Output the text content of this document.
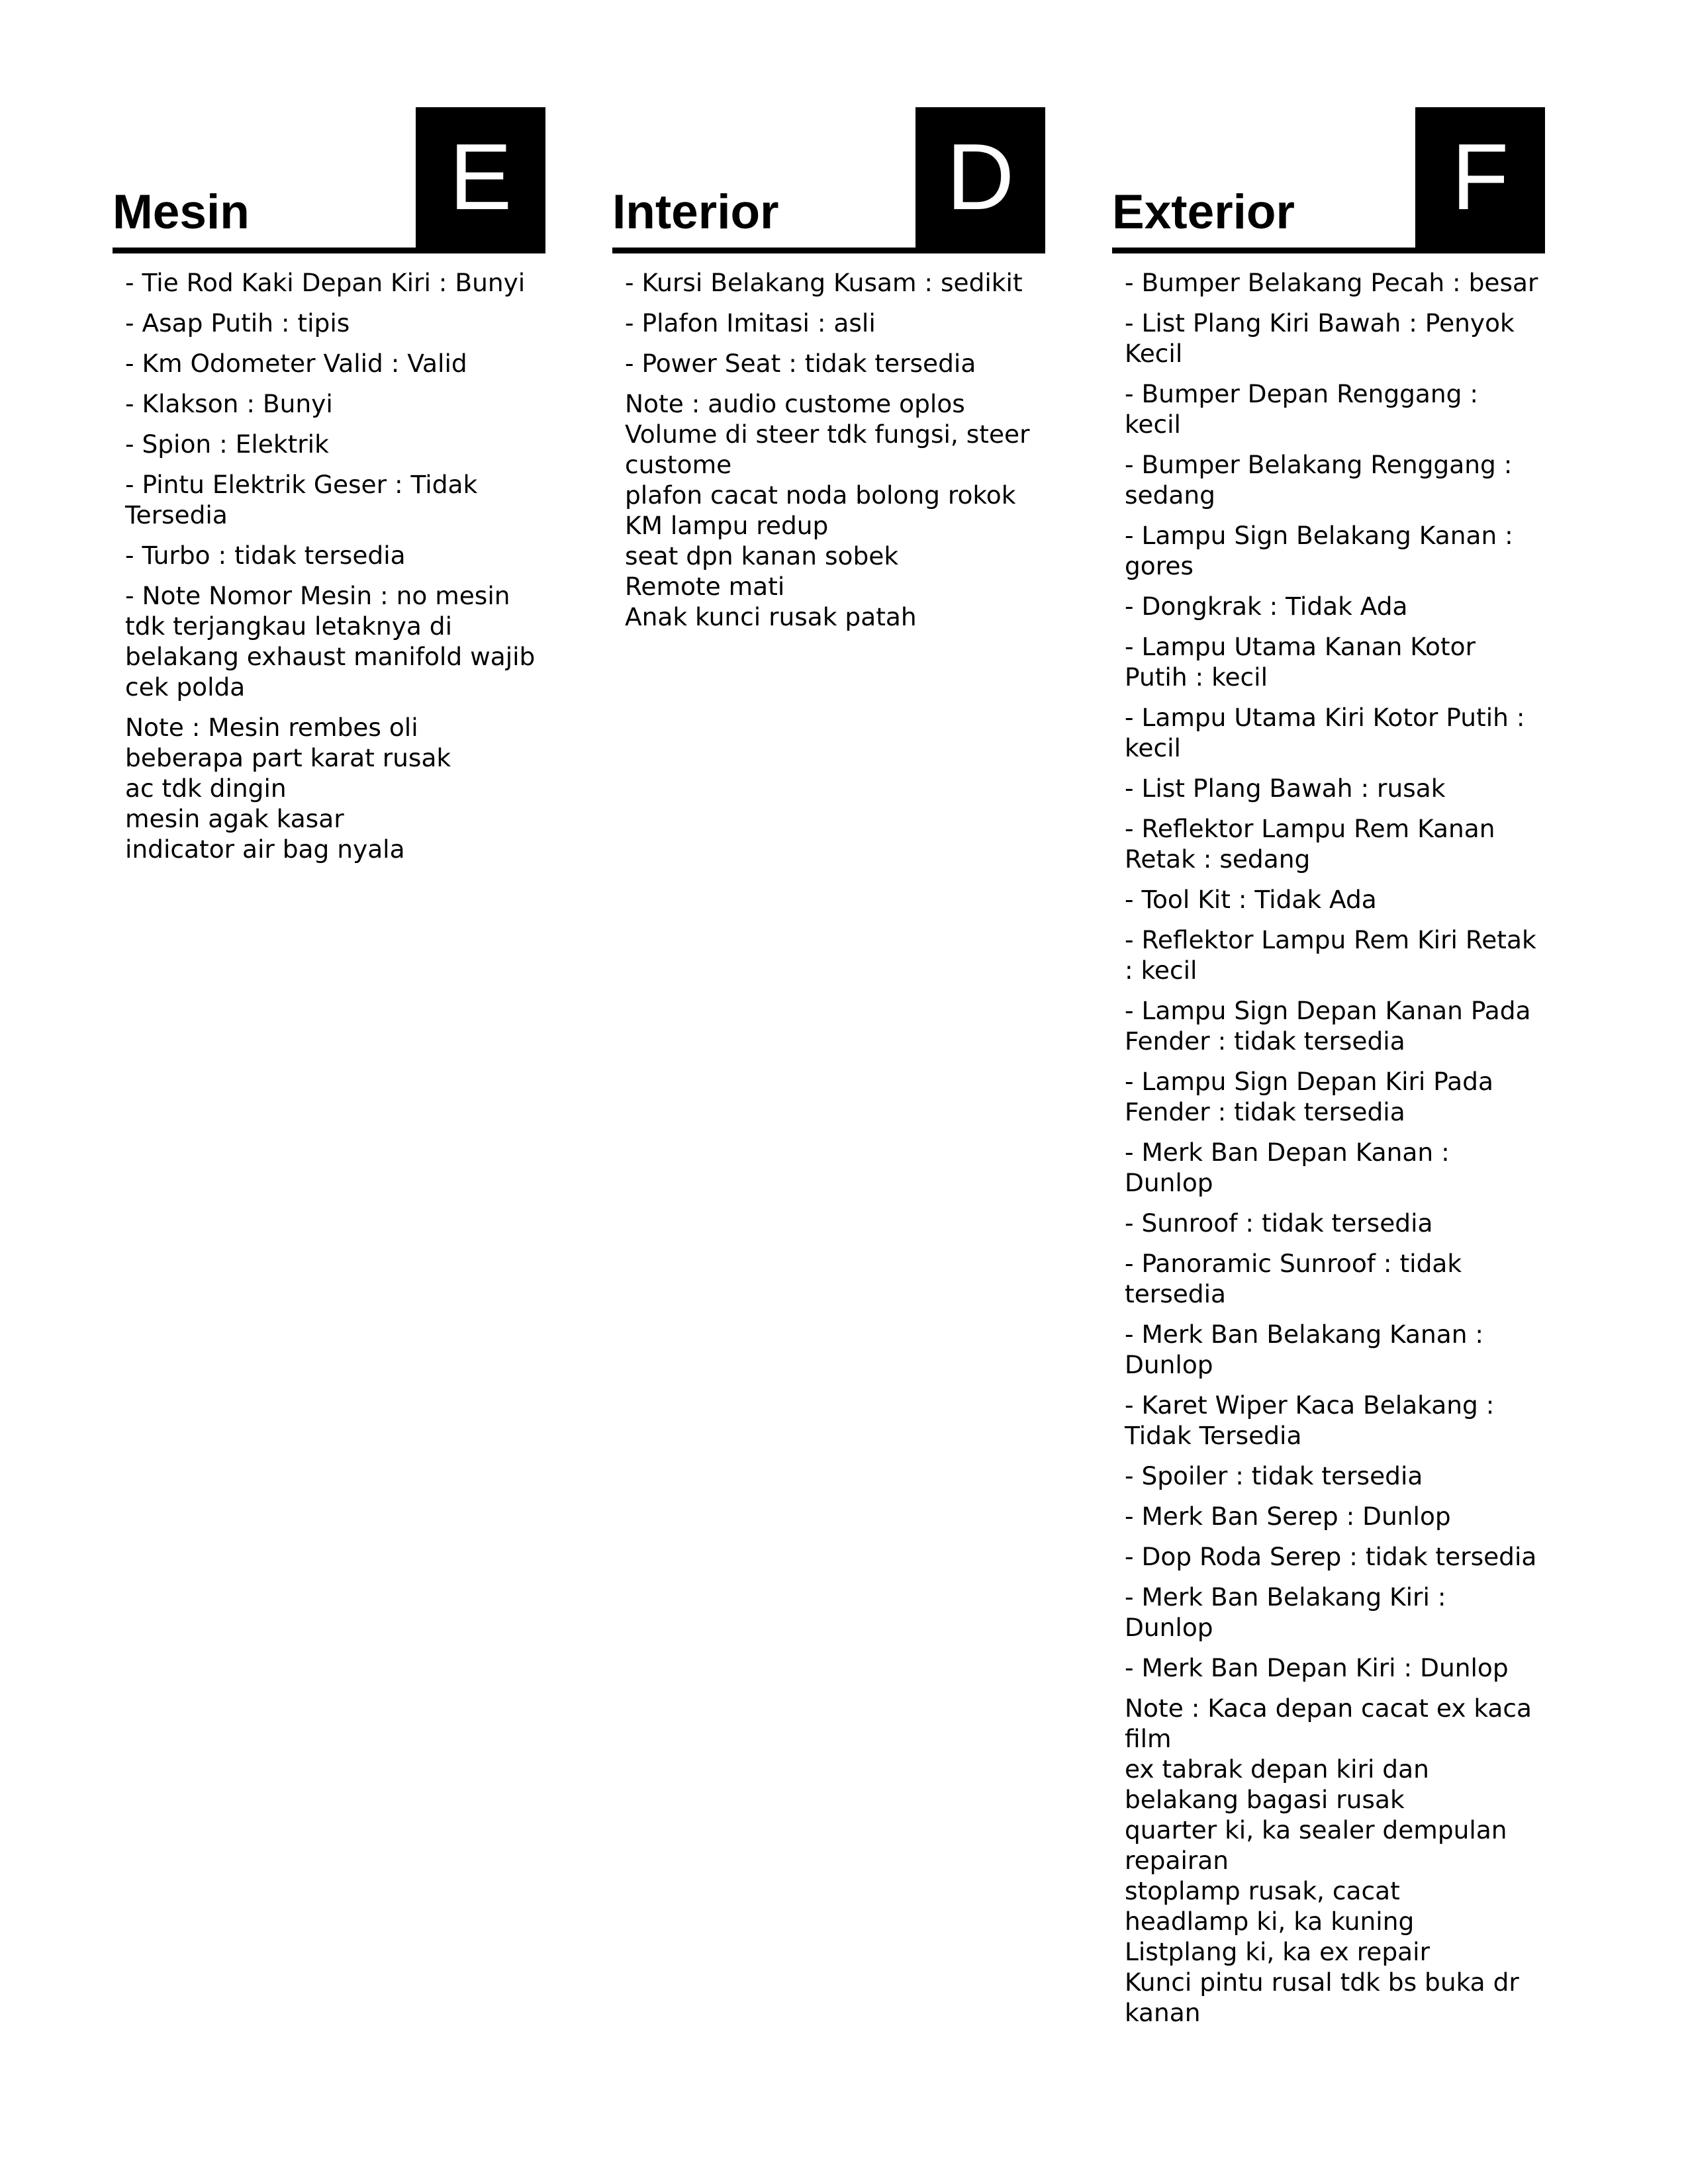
Mesin	E
- Tie Rod Kaki Depan Kiri : Bunyi
- Asap Putih : tipis
- Km Odometer Valid : Valid
- Klakson : Bunyi
- Spion : Elektrik
- Pintu Elektrik Geser : Tidak Tersedia
- Turbo : tidak tersedia
- Note Nomor Mesin : no mesin tdk terjangkau letaknya di belakang exhaust manifold wajib cek polda
Note : Mesin rembes oli
beberapa part karat rusak
ac tdk dingin
mesin agak kasar
indicator air bag nyala
Interior	D
- Kursi Belakang Kusam : sedikit
- Plafon Imitasi : asli
- Power Seat : tidak tersedia
Note : audio custome oplos
Volume di steer tdk fungsi, steer custome
plafon cacat noda bolong rokok
KM lampu redup
seat dpn kanan sobek
Remote mati
Anak kunci rusak patah
Exterior	F
- Bumper Belakang Pecah : besar
- List Plang Kiri Bawah : Penyok Kecil
- Bumper Depan Renggang : kecil
- Bumper Belakang Renggang : sedang
- Lampu Sign Belakang Kanan : gores
- Dongkrak : Tidak Ada
- Lampu Utama Kanan Kotor Putih : kecil
- Lampu Utama Kiri Kotor Putih : kecil
- List Plang Bawah : rusak
- Reflektor Lampu Rem Kanan Retak : sedang
- Tool Kit : Tidak Ada
- Reflektor Lampu Rem Kiri Retak : kecil
- Lampu Sign Depan Kanan Pada Fender : tidak tersedia
- Lampu Sign Depan Kiri Pada Fender : tidak tersedia
- Merk Ban Depan Kanan : Dunlop
- Sunroof : tidak tersedia
- Panoramic Sunroof : tidak tersedia
- Merk Ban Belakang Kanan : Dunlop
- Karet Wiper Kaca Belakang : Tidak Tersedia
- Spoiler : tidak tersedia
- Merk Ban Serep : Dunlop
- Dop Roda Serep : tidak tersedia
- Merk Ban Belakang Kiri : Dunlop
- Merk Ban Depan Kiri : Dunlop
Note : Kaca depan cacat ex kaca film
ex tabrak depan kiri dan belakang bagasi rusak
quarter ki, ka sealer dempulan repairan
stoplamp rusak, cacat
headlamp ki, ka kuning
Listplang ki, ka ex repair
Kunci pintu rusal tdk bs buka dr kanan
